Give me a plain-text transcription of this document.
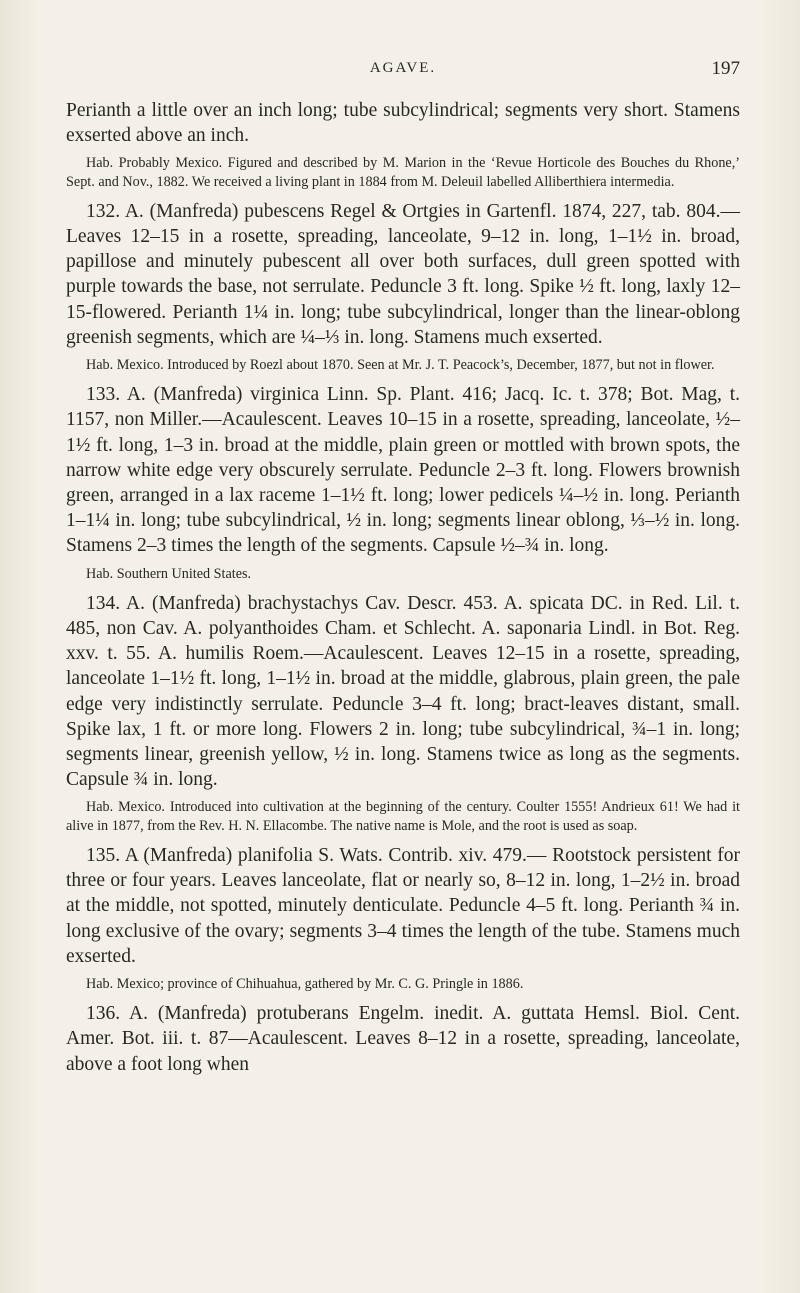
AGAVE.	197

Perianth a little over an inch long; tube subcylindrical; segments very short. Stamens exserted above an inch.

Hab. Probably Mexico. Figured and described by M. Marion in the ‘Revue Horticole des Bouches du Rhone,’ Sept. and Nov., 1882. We received a living plant in 1884 from M. Deleuil labelled Alliberthiera intermedia.

132. A. (Manfreda) pubescens Regel & Ortgies in Gartenfl. 1874, 227, tab. 804.—Leaves 12–15 in a rosette, spreading, lanceolate, 9–12 in. long, 1–1½ in. broad, papillose and minutely pubescent all over both surfaces, dull green spotted with purple towards the base, not serrulate. Peduncle 3 ft. long. Spike ½ ft. long, laxly 12–15-flowered. Perianth 1¼ in. long; tube subcylindrical, longer than the linear-oblong greenish segments, which are ¼–⅓ in. long. Stamens much exserted.

Hab. Mexico. Introduced by Roezl about 1870. Seen at Mr. J. T. Peacock’s, December, 1877, but not in flower.

133. A. (Manfreda) virginica Linn. Sp. Plant. 416; Jacq. Ic. t. 378; Bot. Mag, t. 1157, non Miller.—Acaulescent. Leaves 10–15 in a rosette, spreading, lanceolate, ½–1½ ft. long, 1–3 in. broad at the middle, plain green or mottled with brown spots, the narrow white edge very obscurely serrulate. Peduncle 2–3 ft. long. Flowers brownish green, arranged in a lax raceme 1–1½ ft. long; lower pedicels ¼–½ in. long. Perianth 1–1¼ in. long; tube subcylindrical, ½ in. long; segments linear oblong, ⅓–½ in. long. Stamens 2–3 times the length of the segments. Capsule ½–¾ in. long.

Hab. Southern United States.

134. A. (Manfreda) brachystachys Cav. Descr. 453. A. spicata DC. in Red. Lil. t. 485, non Cav. A. polyanthoides Cham. et Schlecht. A. saponaria Lindl. in Bot. Reg. xxv. t. 55. A. humilis Roem.—Acaulescent. Leaves 12–15 in a rosette, spreading, lanceolate 1–1½ ft. long, 1–1½ in. broad at the middle, glabrous, plain green, the pale edge very indistinctly serrulate. Peduncle 3–4 ft. long; bract-leaves distant, small. Spike lax, 1 ft. or more long. Flowers 2 in. long; tube subcylindrical, ¾–1 in. long; segments linear, greenish yellow, ½ in. long. Stamens twice as long as the segments. Capsule ¾ in. long.

Hab. Mexico. Introduced into cultivation at the beginning of the century. Coulter 1555! Andrieux 61! We had it alive in 1877, from the Rev. H. N. Ellacombe. The native name is Mole, and the root is used as soap.

135. A (Manfreda) planifolia S. Wats. Contrib. xiv. 479.— Rootstock persistent for three or four years. Leaves lanceolate, flat or nearly so, 8–12 in. long, 1–2½ in. broad at the middle, not spotted, minutely denticulate. Peduncle 4–5 ft. long. Perianth ¾ in. long exclusive of the ovary; segments 3–4 times the length of the tube. Stamens much exserted.

Hab. Mexico; province of Chihuahua, gathered by Mr. C. G. Pringle in 1886.

136. A. (Manfreda) protuberans Engelm. inedit. A. guttata Hemsl. Biol. Cent. Amer. Bot. iii. t. 87—Acaulescent. Leaves 8–12 in a rosette, spreading, lanceolate, above a foot long when
